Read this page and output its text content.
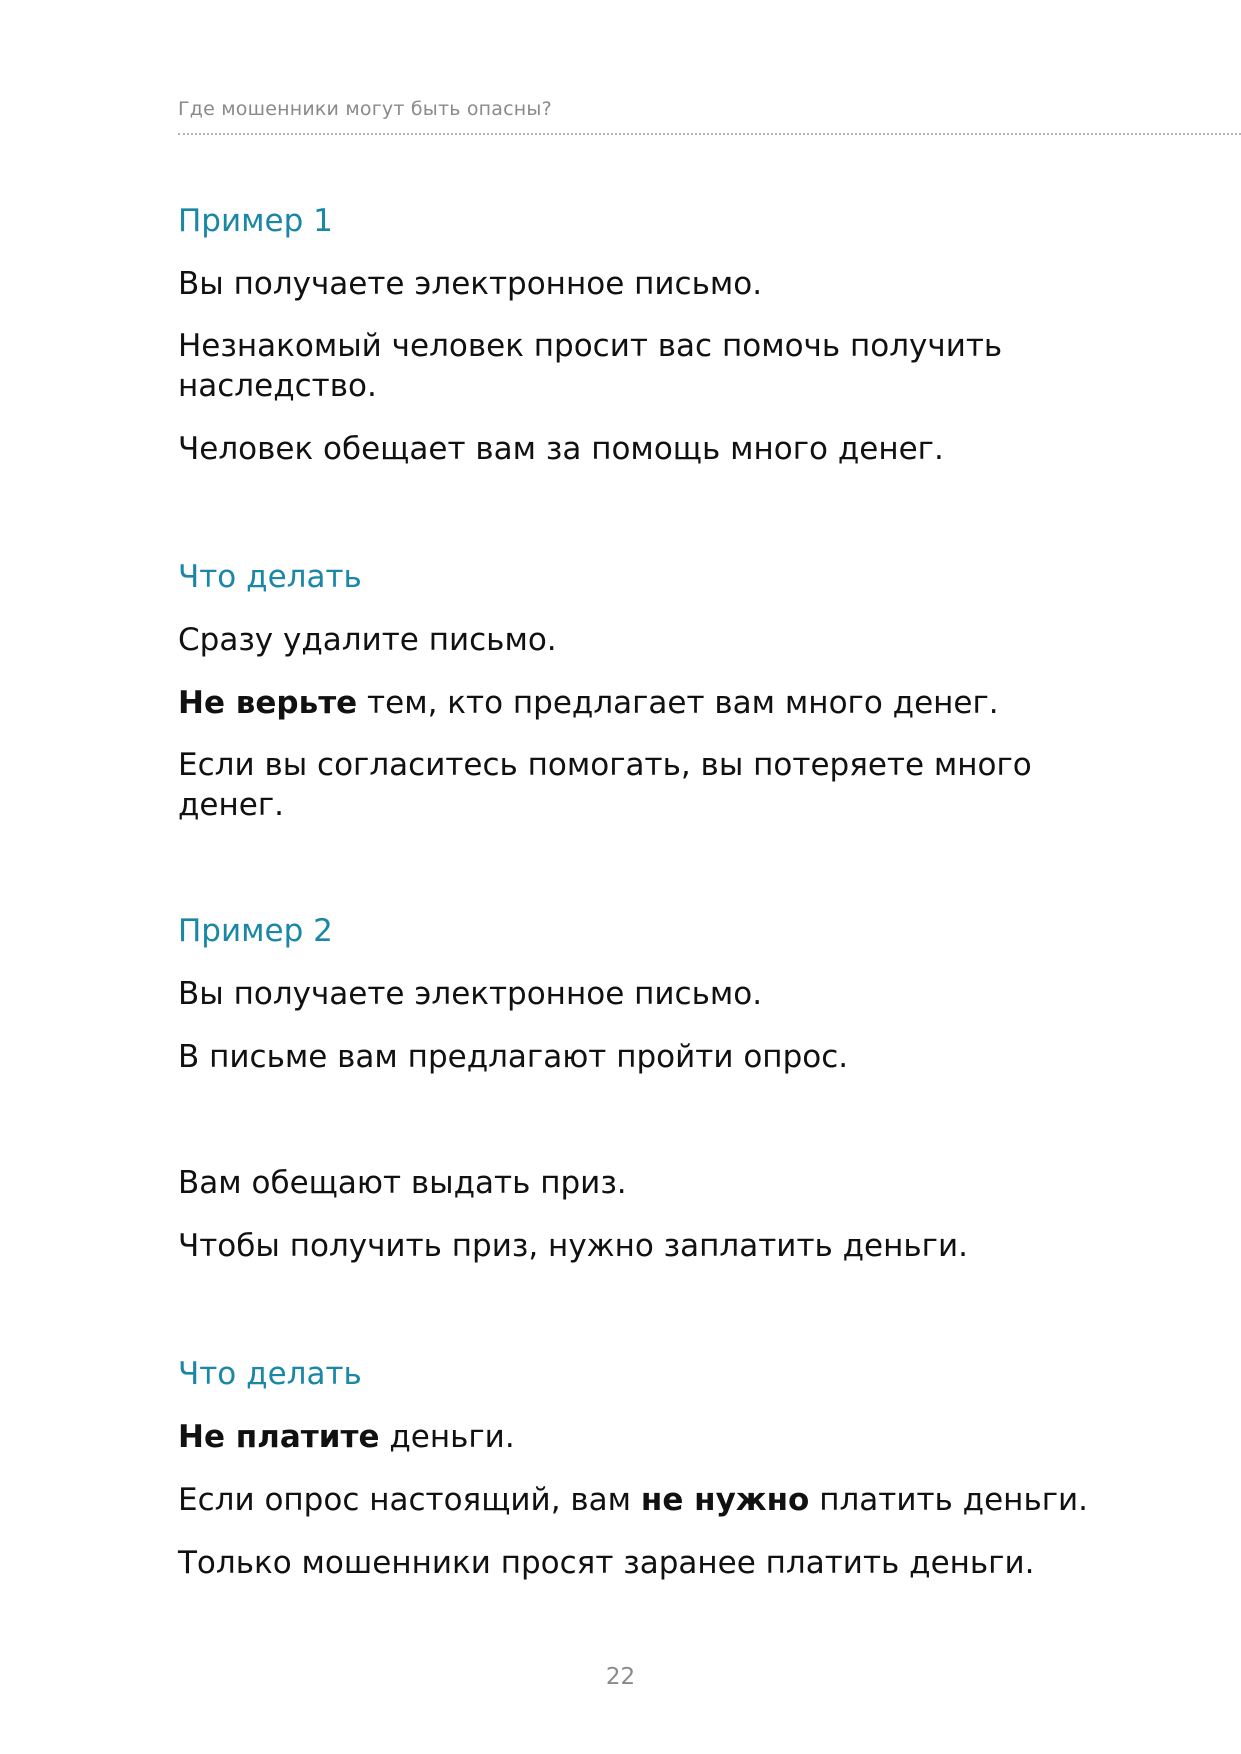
Где мошенники могут быть опасны?
Пример 1
Вы получаете электронное письмо.
Незнакомый человек просит вас помочь получить наследство.
Человек обещает вам за помощь много денег.
Что делать
Сразу удалите письмо.
Не верьте тем, кто предлагает вам много денег.
Если вы согласитесь помогать, вы потеряете много денег.
Пример 2
Вы получаете электронное письмо.
В письме вам предлагают пройти опрос.
Вам обещают выдать приз.
Чтобы получить приз, нужно заплатить деньги.
Что делать
Не платите деньги.
Если опрос настоящий, вам не нужно платить деньги.
Только мошенники просят заранее платить деньги.
22
